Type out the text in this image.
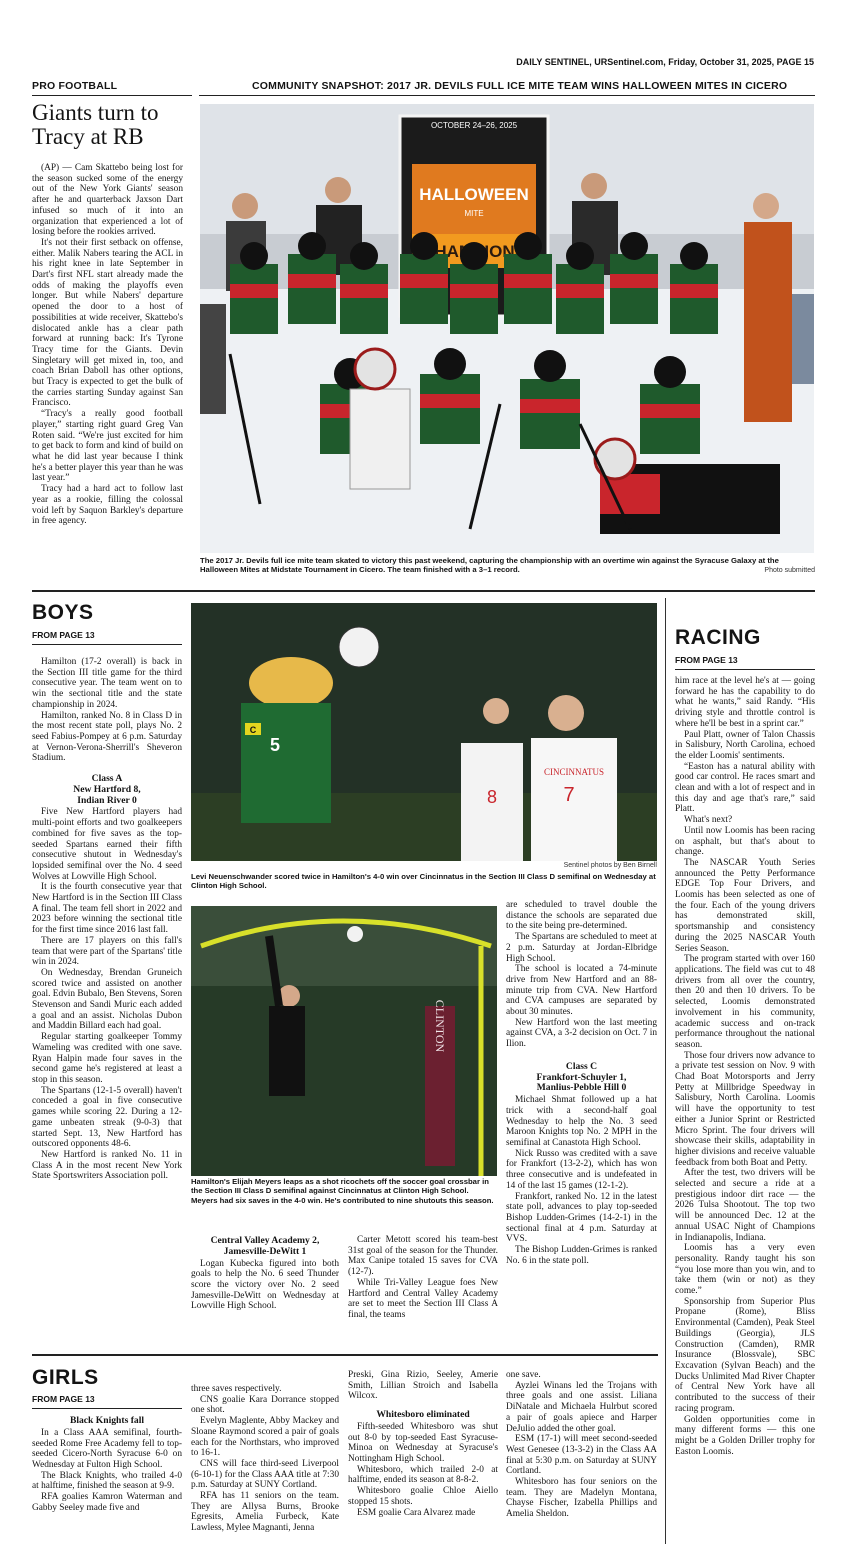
DAILY SENTINEL, URSentinel.com, Friday, October 31, 2025, PAGE 15
PRO FOOTBALL
Giants turn to Tracy at RB

(AP) — Cam Skattebo being lost for the season sucked some of the energy out of the New York Giants' season after he and quarterback Jaxson Dart infused so much of it into an organization that experienced a lot of losing before the rookies arrived.

It's not their first setback on offense, either. Malik Nabers tearing the ACL in his right knee in late September in Dart's first NFL start already made the odds of making the playoffs even longer. But while Nabers' departure opened the door to a host of possibilities at wide receiver, Skattebo's dislocated ankle has a clear path forward at running back: It's Tyrone Tracy time for the Giants. Devin Singletary will get mixed in, too, and coach Brian Daboll has other options, but Tracy is expected to get the bulk of the carries starting Sunday against San Francisco.

“Tracy's a really good football player,” starting right guard Greg Van Roten said. “We're just excited for him to get back to form and kind of build on what he did last year because I think he's a better player this year than he was last year.”

Tracy had a hard act to follow last year as a rookie, filling the colossal void left by Saquon Barkley's departure in free agency.

COMMUNITY SNAPSHOT: 2017 JR. DEVILS FULL ICE MITE TEAM WINS HALLOWEEN MITES IN CICERO
OCTOBER 24–26, 2025
HALLOWEEN
MITE
The 2017 Jr. Devils full ice mite team skated to victory this past weekend, capturing the championship with an overtime win against the Syracuse Galaxy at the Halloween Mites at Midstate Tournament in Cicero. The team finished with a 3–1 record.	Photo submitted
BOYS
FROM PAGE 13
C
5
8
CINCINNATUS
7
Sentinel photos by Ben Birnell
Levi Neuenschwander scored twice in Hamilton's 4-0 win over Cincinnatus in the Section III Class D semifinal on Wednesday at Clinton High School.
CLINTON
Hamilton's Elijah Meyers leaps as a shot ricochets off the soccer goal crossbar in the Section III Class D semifinal against Cincinnatus at Clinton High School. Meyers had six saves in the 4-0 win. He's contributed to nine shutouts this season.

Hamilton (17-2 overall) is back in the Section III title game for the third consecutive year. The team went on to win the sectional title and the state championship in 2024.

Hamilton, ranked No. 8 in Class D in the most recent state poll, plays No. 2 seed Fabius-Pompey at 6 p.m. Saturday at Vernon-Verona-Sherrill's Sheveron Stadium.

Class A
New Hartford 8,
Indian River 0

Five New Hartford players had multi-point efforts and two goalkeepers combined for five saves as the top-seeded Spartans earned their fifth consecutive shutout in Wednesday's lopsided semifinal over the No. 4 seed Wolves at Lowville High School.

It is the fourth consecutive year that New Hartford is in the Section III Class A final. The team fell short in 2022 and 2023 before winning the sectional title for the first time since 2016 last fall.

There are 17 players on this fall's team that were part of the Spartans' title win in 2024.

On Wednesday, Brendan Gruneich scored twice and assisted on another goal. Edvin Bubalo, Ben Stevens, Soren Stevenson and Sandi Muric each added a goal and an assist. Nicholas Dubon and Maddin Billard each had goal.

Regular starting goalkeeper Tommy Wameling was credited with one save. Ryan Halpin made four saves in the second game he's registered at least a stop in this season.

The Spartans (12-1-5 overall) haven't conceded a goal in five consecutive games while scoring 22. During a 12-game unbeaten streak (9-0-3) that started Sept. 13, New Hartford has outscored opponents 48-6.

New Hartford is ranked No. 11 in Class A in the most recent New York State Sportswriters Association poll.

Central Valley Academy 2,
Jamesville-DeWitt 1

Logan Kubecka figured into both goals to help the No. 6 seed Thunder score the victory over No. 2 seed Jamesville-DeWitt on Wednesday at Lowville High School.

Carter Metott scored his team-best 31st goal of the season for the Thunder. Max Canipe totaled 15 saves for CVA (12-7).

While Tri-Valley League foes New Hartford and Central Valley Academy are set to meet the Section III Class A final, the teams

are scheduled to travel double the distance the schools are separated due to the site being pre-determined.

The Spartans are scheduled to meet at 2 p.m. Saturday at Jordan-Elbridge High School.

The school is located a 74-minute drive from New Hartford and an 88-minute trip from CVA. New Hartford and CVA campuses are separated by about 30 minutes.

New Hartford won the last meeting against CVA, a 3-2 decision on Oct. 7 in Ilion.

Class C
Frankfort-Schuyler 1,
Manlius-Pebble Hill 0

Michael Shmat followed up a hat trick with a second-half goal Wednesday to help the No. 3 seed Maroon Knights top No. 2 MPH in the semifinal at Canastota High School.

Nick Russo was credited with a save for Frankfort (13-2-2), which has won three consecutive and is undefeated in 14 of the last 15 games (12-1-2).

Frankfort, ranked No. 12 in the latest state poll, advances to play top-seeded Bishop Ludden-Grimes (14-2-1) in the sectional final at 4 p.m. Saturday at VVS.

The Bishop Ludden-Grimes is ranked No. 6 in the state poll.

RACING
FROM PAGE 13

him race at the level he's at — going forward he has the capability to do what he wants,” said Randy. “His driving style and throttle control is where he'll be best in a sprint car.”

Paul Platt, owner of Talon Chassis in Salisbury, North Carolina, echoed the elder Loomis' sentiments.

“Easton has a natural ability with good car control. He races smart and clean and with a lot of respect and in this day and age that's rare,” said Platt.

What's next?

Until now Loomis has been racing on asphalt, but that's about to change.

The NASCAR Youth Series announced the Petty Performance EDGE Top Four Drivers, and Loomis has been selected as one of the four. Each of the young drivers has demonstrated skill, sportsmanship and consistency during the 2025 NASCAR Youth Series Season.

The program started with over 160 applications. The field was cut to 48 drivers from all over the country, then 20 and then 10 drivers. To be selected, Loomis demonstrated involvement in his community, academic success and on-track performance throughout the national season.

Those four drivers now advance to a private test session on Nov. 9 with Chad Boat Motorsports and Jerry Petty at Millbridge Speedway in Salisbury, North Carolina. Loomis will have the opportunity to test either a Junior Sprint or Restricted Micro Sprint. The four drivers will showcase their skills, adaptability in higher divisions and receive valuable feedback from both Boat and Petty.

After the test, two drivers will be selected and secure a ride at a prestigious indoor dirt race — the 2026 Tulsa Shootout. The top two will be announced Dec. 12 at the annual USAC Night of Champions in Indianapolis, Indiana.

Loomis has a very even personality. Randy taught his son “you lose more than you win, and to take them (win or not) as they come.”

Sponsorship from Superior Plus Propane (Rome), Bliss Environmental (Camden), Peak Steel Buildings (Georgia), JLS Construction (Camden), RMR Insurance (Blossvale), SBC Excavation (Sylvan Beach) and the Ducks Unlimited Mad River Chapter of Central New York have all contributed to the success of their racing program.

Golden opportunities come in many different forms — this one might be a Golden Driller trophy for Easton Loomis.

GIRLS
FROM PAGE 13
Black Knights fall

In a Class AAA semifinal, fourth-seeded Rome Free Academy fell to top-seeded Cicero-North Syracuse 6-0 on Wednesday at Fulton High School.

The Black Knights, who trailed 4-0 at halftime, finished the season at 9-9.

RFA goalies Kamron Waterman and Gabby Seeley made five and

three saves respectively.

CNS goalie Kara Dorrance stopped one shot.

Evelyn Maglente, Abby Mackey and Sloane Raymond scored a pair of goals each for the Northstars, who improved to 16-1.

CNS will face third-seed Liverpool (6-10-1) for the Class AAA title at 7:30 p.m. Saturday at SUNY Cortland.

RFA has 11 seniors on the team. They are Allysa Burns, Brooke Egresits, Amelia Furbeck, Kate Lawless, Mylee Magnanti, Jenna

Preski, Gina Rizio, Seeley, Amerie Smith, Lillian Stroich and Isabella Wilcox.

Whitesboro eliminated

Fifth-seeded Whitesboro was shut out 8-0 by top-seeded East Syracuse-Minoa on Wednesday at Syracuse's Nottingham High School.

Whitesboro, which trailed 2-0 at halftime, ended its season at 8-8-2.

Whitesboro goalie Chloe Aiello stopped 15 shots.

ESM goalie Cara Alvarez made

one save.

Ayzlei Winans led the Trojans with three goals and one assist. Liliana DiNatale and Michaela Hulrbut scored a pair of goals apiece and Harper DeJulio added the other goal.

ESM (17-1) will meet second-seeded West Genesee (13-3-2) in the Class AA final at 5:30 p.m. on Saturday at SUNY Cortland.

Whitesboro has four seniors on the team. They are Madelyn Montana, Chayse Fischer, Izabella Phillips and Amelia Sheldon.
